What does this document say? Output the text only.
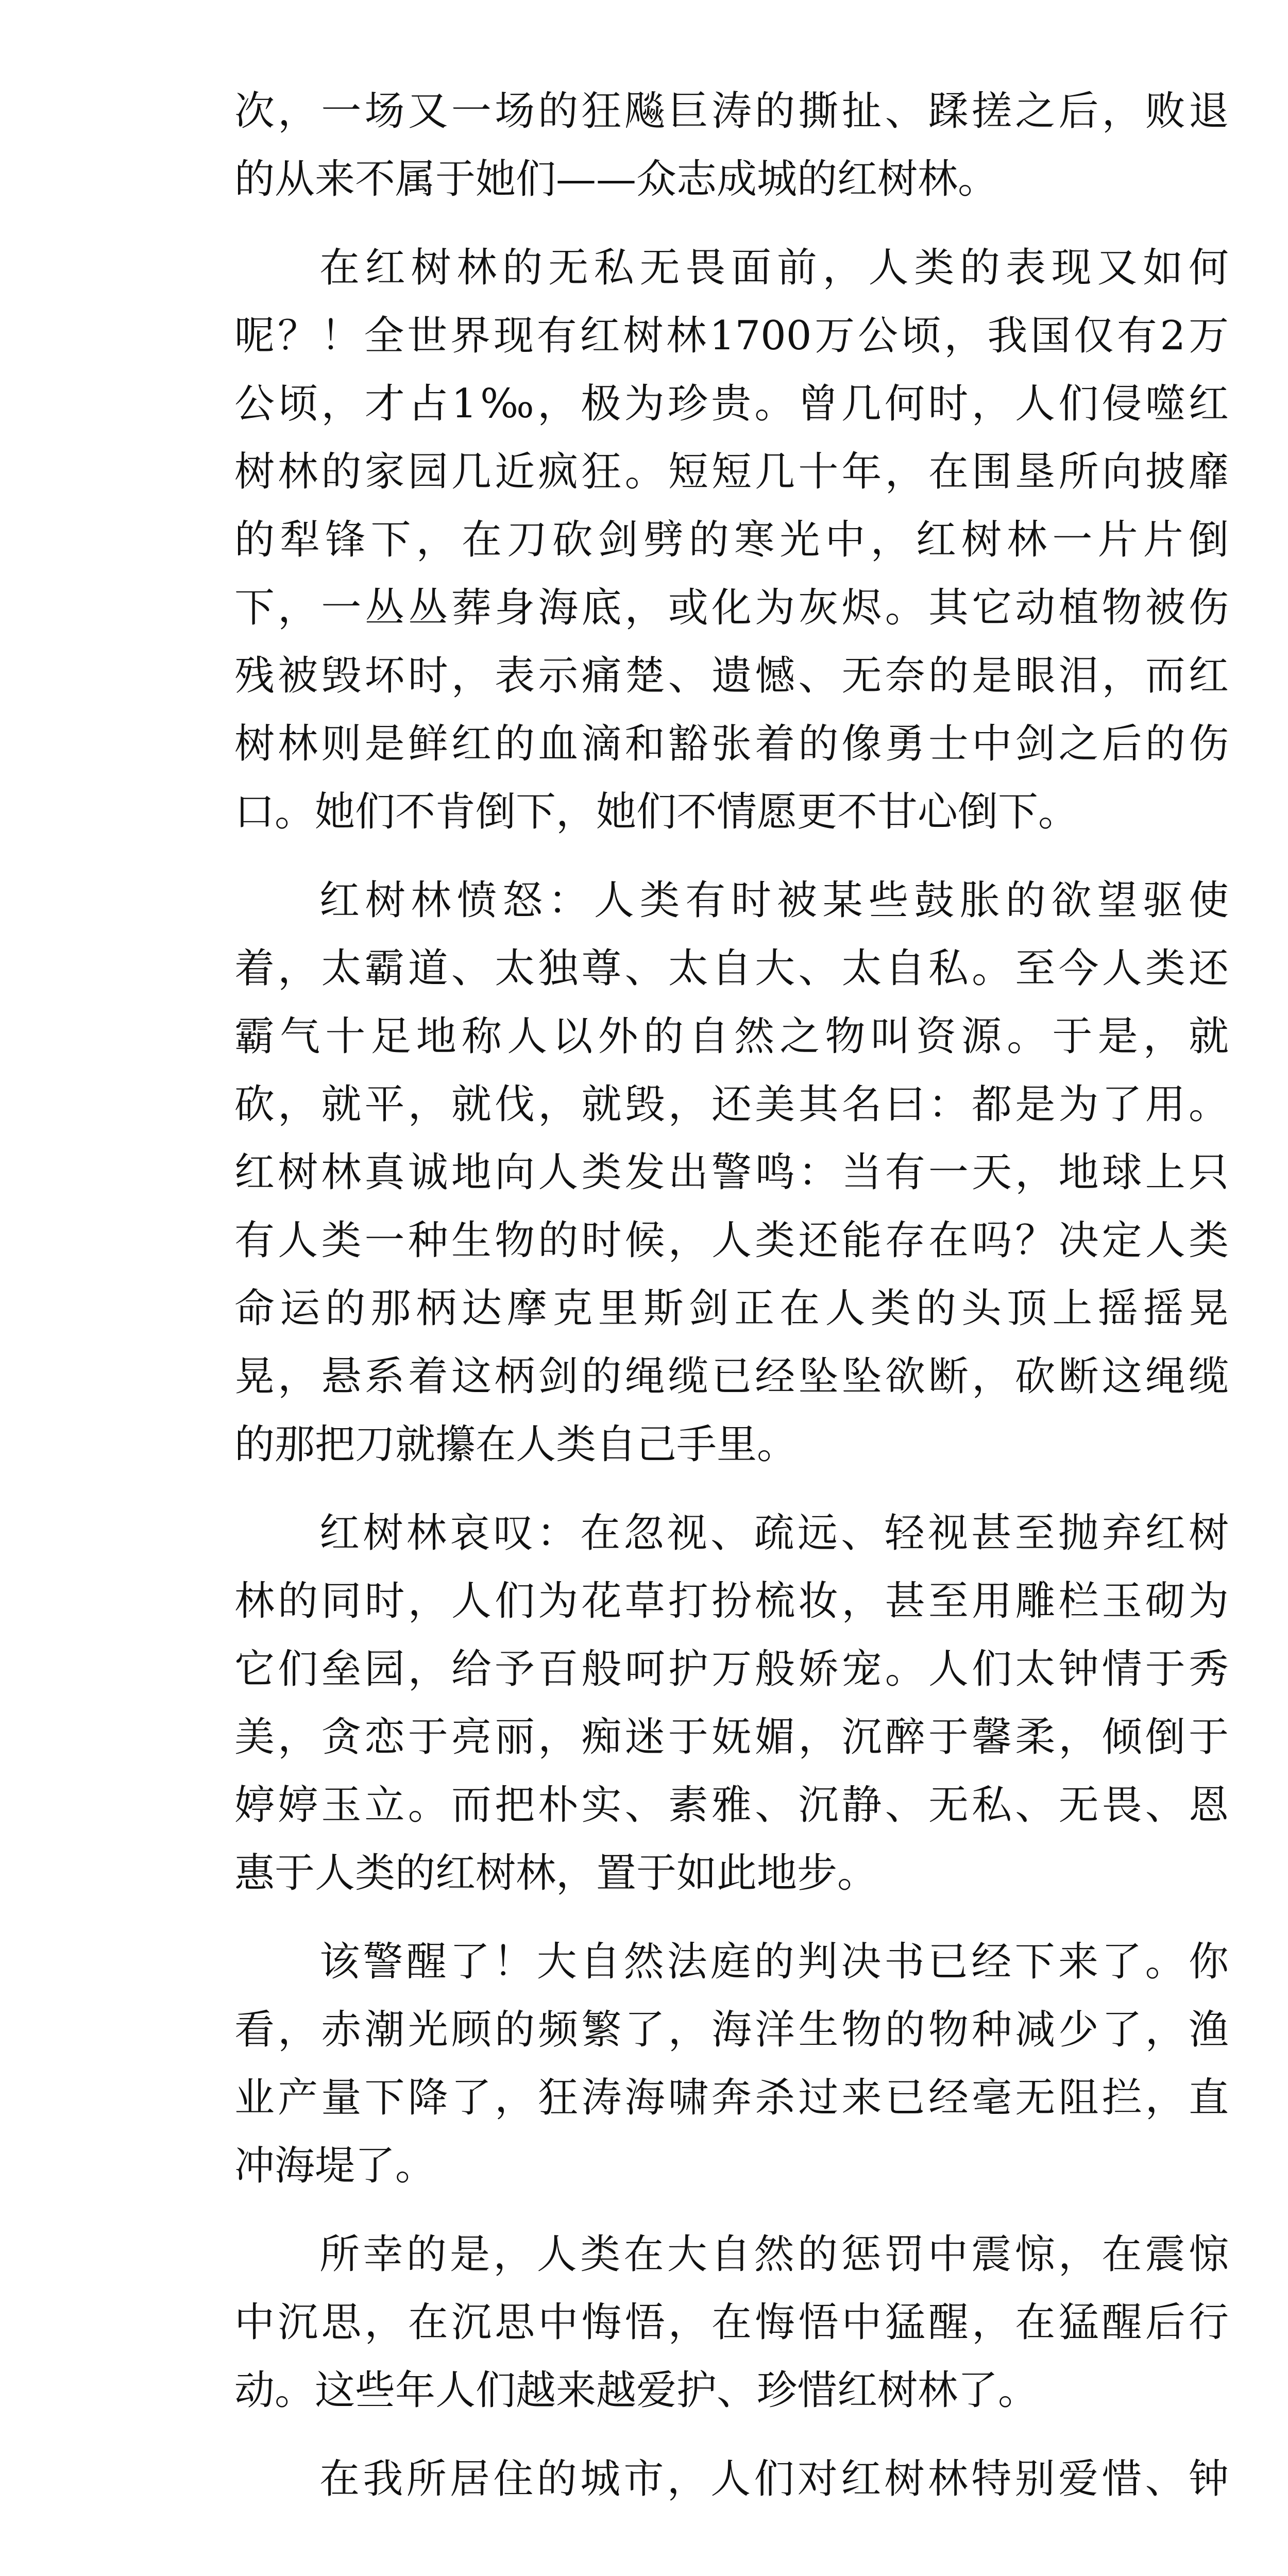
次，一场又一场的狂飚巨涛的撕扯、蹂搓之后，败退
的从来不属于她们——众志成城的红树林。
在红树林的无私无畏面前，人类的表现又如何
呢？！全世界现有红树林1700万公顷，我国仅有2万
公顷，才占1‰，极为珍贵。曾几何时，人们侵噬红
树林的家园几近疯狂。短短几十年，在围垦所向披靡
的犁锋下，在刀砍剑劈的寒光中，红树林一片片倒
下，一丛丛葬身海底，或化为灰烬。其它动植物被伤
残被毁坏时，表示痛楚、遗憾、无奈的是眼泪，而红
树林则是鲜红的血滴和豁张着的像勇士中剑之后的伤
口。她们不肯倒下，她们不情愿更不甘心倒下。
红树林愤怒：人类有时被某些鼓胀的欲望驱使
着，太霸道、太独尊、太自大、太自私。至今人类还
霸气十足地称人以外的自然之物叫资源。于是，就
砍，就平，就伐，就毁，还美其名曰：都是为了用。
红树林真诚地向人类发出警鸣：当有一天，地球上只
有人类一种生物的时候，人类还能存在吗？决定人类
命运的那柄达摩克里斯剑正在人类的头顶上摇摇晃
晃，悬系着这柄剑的绳缆已经坠坠欲断，砍断这绳缆
的那把刀就攥在人类自己手里。
红树林哀叹：在忽视、疏远、轻视甚至抛弃红树
林的同时，人们为花草打扮梳妆，甚至用雕栏玉砌为
它们垒园，给予百般呵护万般娇宠。人们太钟情于秀
美，贪恋于亮丽，痴迷于妩媚，沉醉于馨柔，倾倒于
婷婷玉立。而把朴实、素雅、沉静、无私、无畏、恩
惠于人类的红树林，置于如此地步。
该警醒了！大自然法庭的判决书已经下来了。你
看，赤潮光顾的频繁了，海洋生物的物种减少了，渔
业产量下降了，狂涛海啸奔杀过来已经毫无阻拦，直
冲海堤了。
所幸的是，人类在大自然的惩罚中震惊，在震惊
中沉思，在沉思中悔悟，在悔悟中猛醒，在猛醒后行
动。这些年人们越来越爱护、珍惜红树林了。
在我所居住的城市，人们对红树林特别爱惜、钟
